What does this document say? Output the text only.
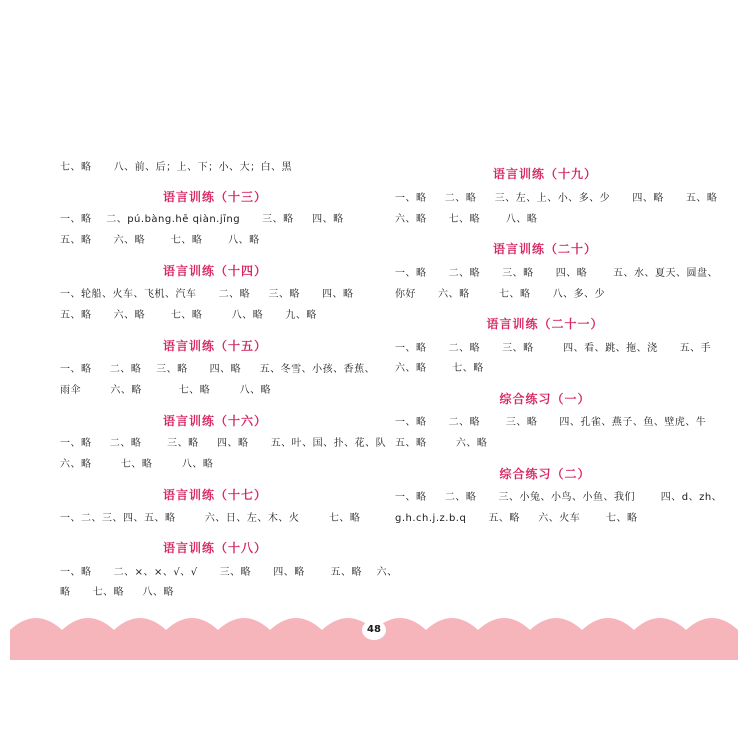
七、略      八、前、后；上、下；小、大；白、黑
语言训练（十三）
一、略    二、pú.bàng.hē qiàn.jīng      三、略     四、略
五、略      六、略       七、略       八、略
语言训练（十四）
一、轮船、火车、飞机、汽车      二、略     三、略      四、略
五、略      六、略       七、略        八、略      九、略
语言训练（十五）
一、略     二、略    三、略      四、略     五、冬雪、小孩、香蕉、
雨伞        六、略          七、略        八、略
语言训练（十六）
一、略     二、略       三、略     四、略      五、叶、国、扑、花、队
六、略        七、略        八、略
语言训练（十七）
一、二、三、四、五、略        六、日、左、木、火        七、略
语言训练（十八）
一、略      二、×、×、√、√      三、略      四、略       五、略    六、
略      七、略     八、略
语言训练（十九）
一、略     二、略     三、左、上、小、多、少      四、略      五、略
六、略      七、略       八、略
语言训练（二十）
一、略      二、略      三、略      四、略       五、水、夏天、圆盘、
你好      六、略        七、略      八、多、少
语言训练（二十一）
一、略      二、略      三、略        四、看、跳、拖、浇      五、手
六、略       七、略
综合练习（一）
一、略      二、略       三、略      四、孔雀、燕子、鱼、壁虎、牛
五、略        六、略
综合练习（二）
一、略     二、略      三、小兔、小鸟、小鱼、我们       四、d、zh、
g.h.ch.j.z.b.q      五、略     六、火车       七、略
48
